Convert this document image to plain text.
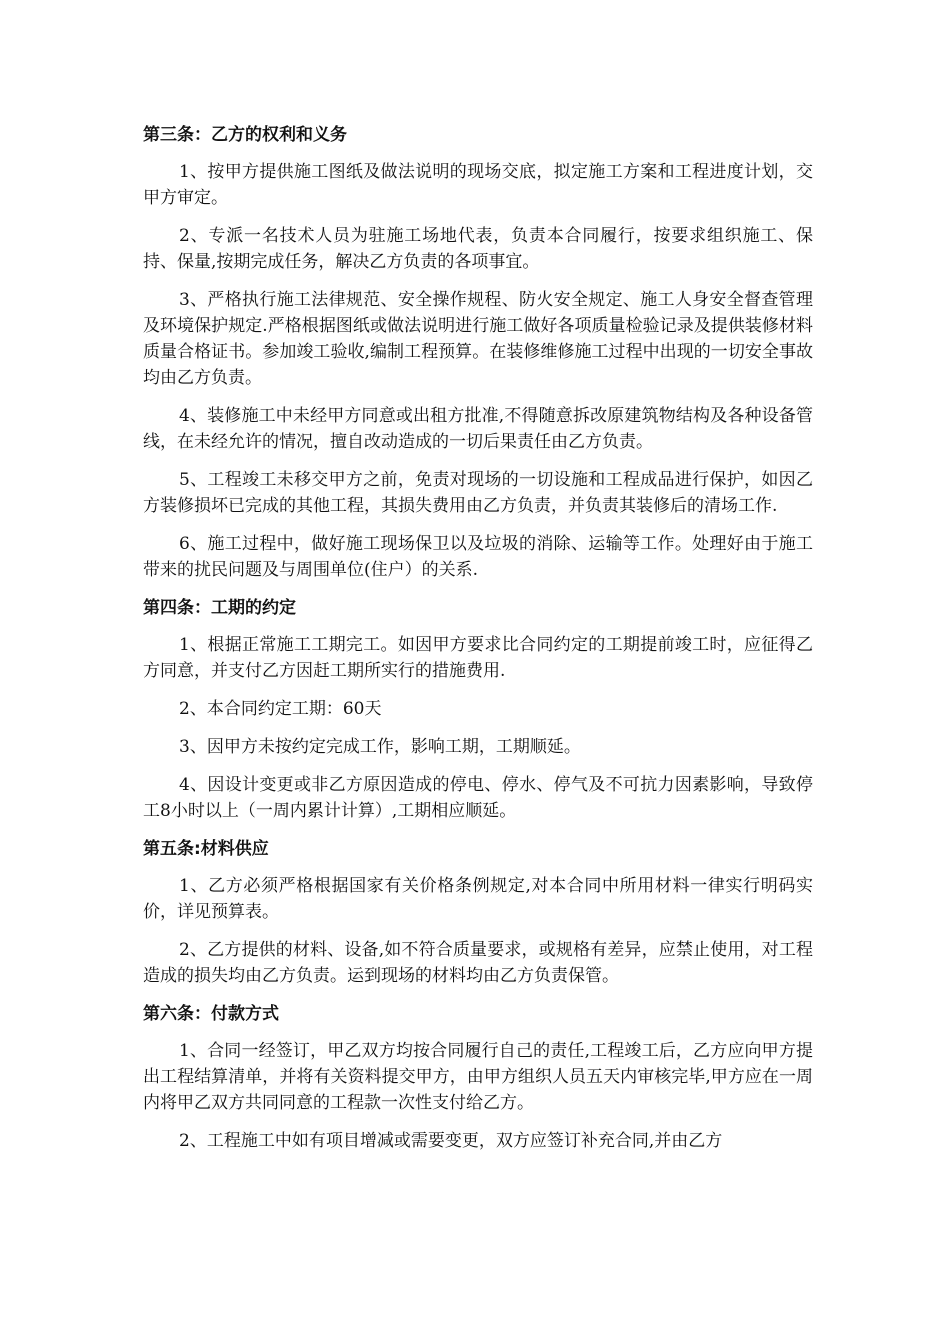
第三条：乙方的权利和义务

1、按甲方提供施工图纸及做法说明的现场交底，拟定施工方案和工程进度计划，交甲方审定。

2、专派一名技术人员为驻施工场地代表，负责本合同履行，按要求组织施工、保持、保量,按期完成任务，解决乙方负责的各项事宜。

3、严格执行施工法律规范、安全操作规程、防火安全规定、施工人身安全督查管理及环境保护规定.严格根据图纸或做法说明进行施工做好各项质量检验记录及提供装修材料质量合格证书。参加竣工验收,编制工程预算。在装修维修施工过程中出现的一切安全事故均由乙方负责。

4、装修施工中未经甲方同意或出租方批准,不得随意拆改原建筑物结构及各种设备管线，在未经允许的情况，擅自改动造成的一切后果责任由乙方负责。

5、工程竣工未移交甲方之前，免责对现场的一切设施和工程成品进行保护，如因乙方装修损坏已完成的其他工程，其损失费用由乙方负责，并负责其装修后的清场工作.

6、施工过程中，做好施工现场保卫以及垃圾的消除、运输等工作。处理好由于施工带来的扰民问题及与周围单位(住户）的关系.

第四条：工期的约定

1、根据正常施工工期完工。如因甲方要求比合同约定的工期提前竣工时，应征得乙方同意，并支付乙方因赶工期所实行的措施费用.

2、本合同约定工期：60天

3、因甲方未按约定完成工作，影响工期，工期顺延。

4、因设计变更或非乙方原因造成的停电、停水、停气及不可抗力因素影响，导致停工8小时以上（一周内累计计算）,工期相应顺延。

第五条:材料供应

1、乙方必须严格根据国家有关价格条例规定,对本合同中所用材料一律实行明码实价，详见预算表。

2、乙方提供的材料、设备,如不符合质量要求，或规格有差异，应禁止使用，对工程造成的损失均由乙方负责。运到现场的材料均由乙方负责保管。

第六条：付款方式

1、合同一经签订，甲乙双方均按合同履行自己的责任,工程竣工后，乙方应向甲方提出工程结算清单，并将有关资料提交甲方，由甲方组织人员五天内审核完毕,甲方应在一周内将甲乙双方共同同意的工程款一次性支付给乙方。

2、工程施工中如有项目增减或需要变更，双方应签订补充合同,并由乙方
